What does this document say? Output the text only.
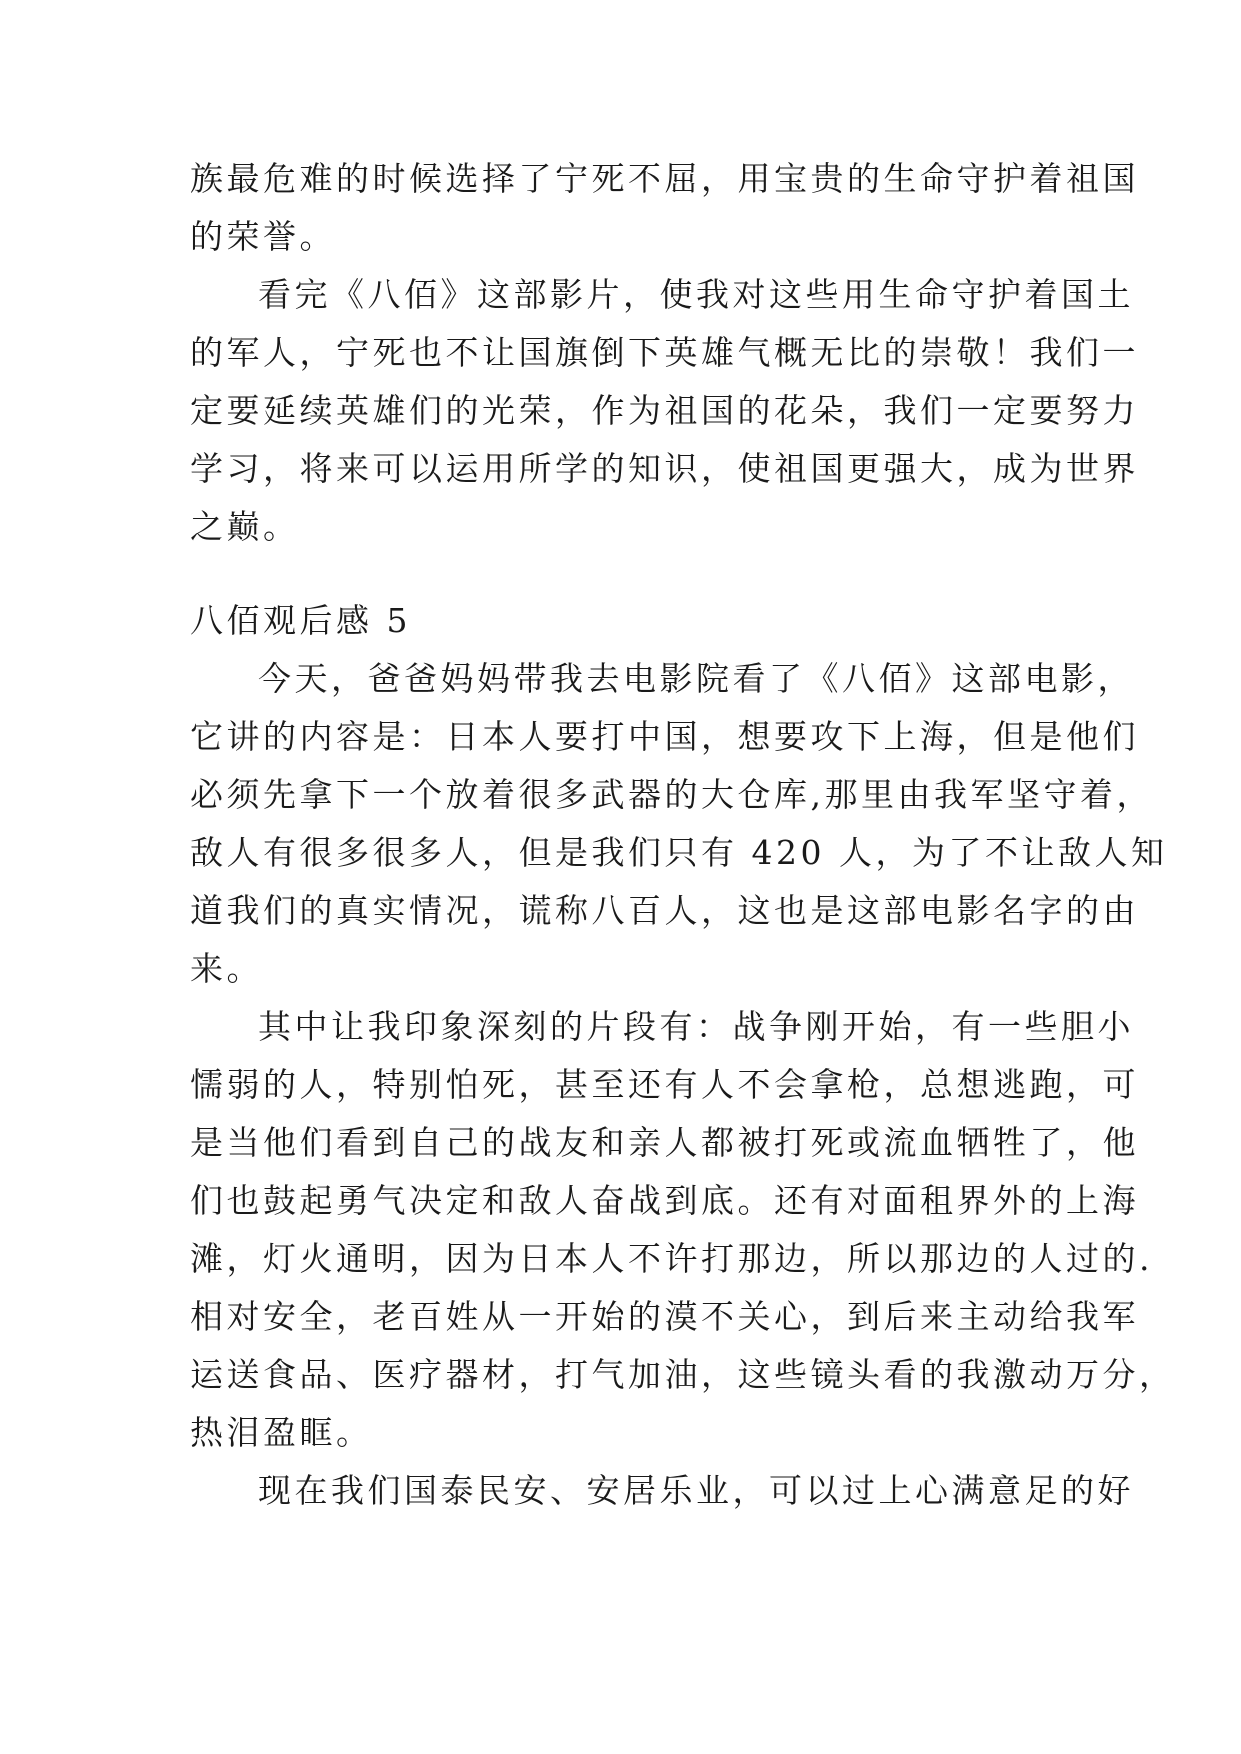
族最危难的时候选择了宁死不屈，用宝贵的生命守护着祖国
的荣誉。
看完《八佰》这部影片，使我对这些用生命守护着国土
的军人，宁死也不让国旗倒下英雄气概无比的崇敬！我们一
定要延续英雄们的光荣，作为祖国的花朵，我们一定要努力
学习，将来可以运用所学的知识，使祖国更强大，成为世界
之巅。
八佰观后感 5
今天，爸爸妈妈带我去电影院看了《八佰》这部电影，
它讲的内容是：日本人要打中国，想要攻下上海，但是他们
必须先拿下一个放着很多武器的大仓库,那里由我军坚守着，
敌人有很多很多人，但是我们只有 420 人，为了不让敌人知
道我们的真实情况，谎称八百人，这也是这部电影名字的由
来。
其中让我印象深刻的片段有：战争刚开始，有一些胆小
懦弱的人，特别怕死，甚至还有人不会拿枪，总想逃跑，可
是当他们看到自己的战友和亲人都被打死或流血牺牲了，他
们也鼓起勇气决定和敌人奋战到底。还有对面租界外的上海
滩，灯火通明，因为日本人不许打那边，所以那边的人过的.
相对安全，老百姓从一开始的漠不关心，到后来主动给我军
运送食品、医疗器材，打气加油，这些镜头看的我激动万分，
热泪盈眶。
现在我们国泰民安、安居乐业，可以过上心满意足的好
